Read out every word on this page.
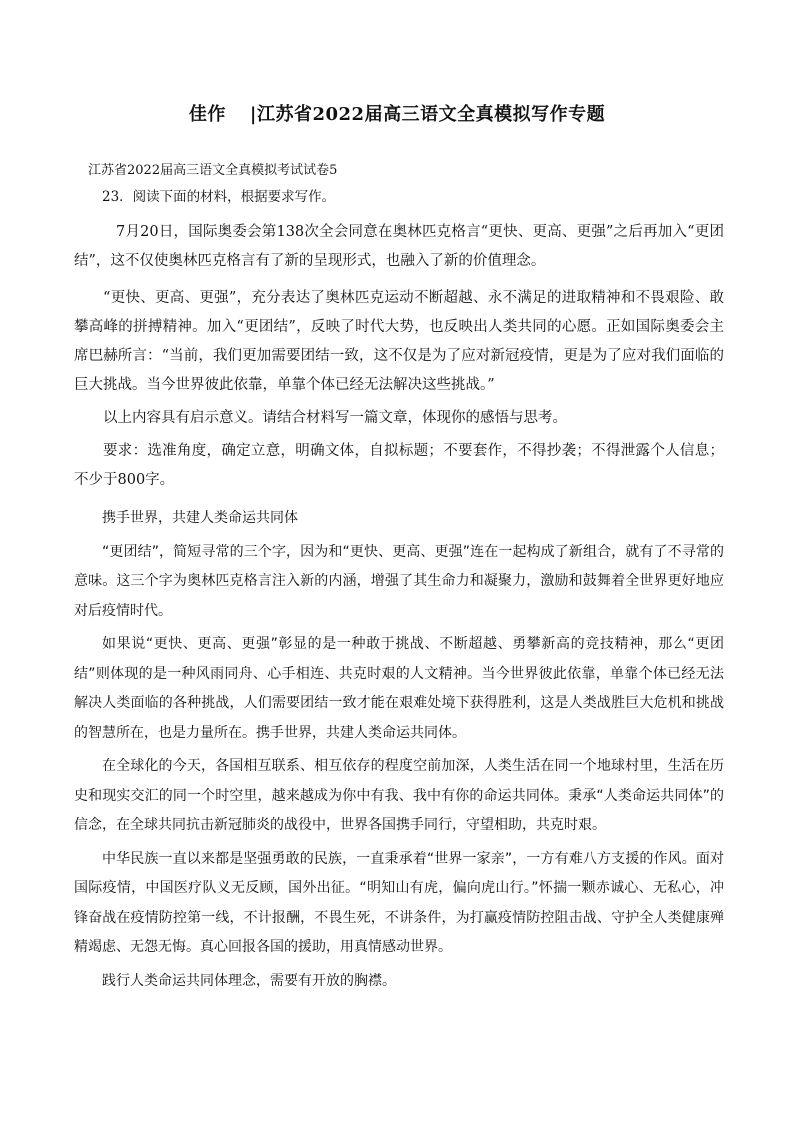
佳作 |江苏省2022届高三语文全真模拟写作专题
江苏省2022届高三语文全真模拟考试试卷5
23．阅读下面的材料，根据要求写作。

7月20日，国际奥委会第138次全会同意在奥林匹克格言“更快、更高、更强”之后再加入“更团结”，这不仅使奥林匹克格言有了新的呈现形式，也融入了新的价值理念。

“更快、更高、更强”，充分表达了奥林匹克运动不断超越、永不满足的进取精神和不畏艰险、敢攀高峰的拼搏精神。加入“更团结”，反映了时代大势，也反映出人类共同的心愿。正如国际奥委会主席巴赫所言：“当前，我们更加需要团结一致，这不仅是为了应对新冠疫情，更是为了应对我们面临的巨大挑战。当今世界彼此依靠，单靠个体已经无法解决这些挑战。”

以上内容具有启示意义。请结合材料写一篇文章，体现你的感悟与思考。

要求：选准角度，确定立意，明确文体，自拟标题；不要套作，不得抄袭；不得泄露个人信息；不少于800字。

携手世界，共建人类命运共同体

“更团结”，简短寻常的三个字，因为和“更快、更高、更强”连在一起构成了新组合，就有了不寻常的意味。这三个字为奥林匹克格言注入新的内涵，增强了其生命力和凝聚力，激励和鼓舞着全世界更好地应对后疫情时代。

如果说“更快、更高、更强”彰显的是一种敢于挑战、不断超越、勇攀新高的竞技精神，那么“更团结”则体现的是一种风雨同舟、心手相连、共克时艰的人文精神。当今世界彼此依靠，单靠个体已经无法解决人类面临的各种挑战，人们需要团结一致才能在艰难处境下获得胜利，这是人类战胜巨大危机和挑战的智慧所在，也是力量所在。携手世界，共建人类命运共同体。

在全球化的今天，各国相互联系、相互依存的程度空前加深，人类生活在同一个地球村里，生活在历史和现实交汇的同一个时空里，越来越成为你中有我、我中有你的命运共同体。秉承“人类命运共同体”的信念，在全球共同抗击新冠肺炎的战役中，世界各国携手同行，守望相助，共克时艰。

中华民族一直以来都是坚强勇敢的民族，一直秉承着“世界一家亲”，一方有难八方支援的作风。面对国际疫情，中国医疗队义无反顾，国外出征。“明知山有虎，偏向虎山行。”怀揣一颗赤诚心、无私心，冲锋奋战在疫情防控第一线，不计报酬，不畏生死，不讲条件，为打赢疫情防控阻击战、守护全人类健康殚精竭虑、无怨无悔。真心回报各国的援助，用真情感动世界。

践行人类命运共同体理念，需要有开放的胸襟。
